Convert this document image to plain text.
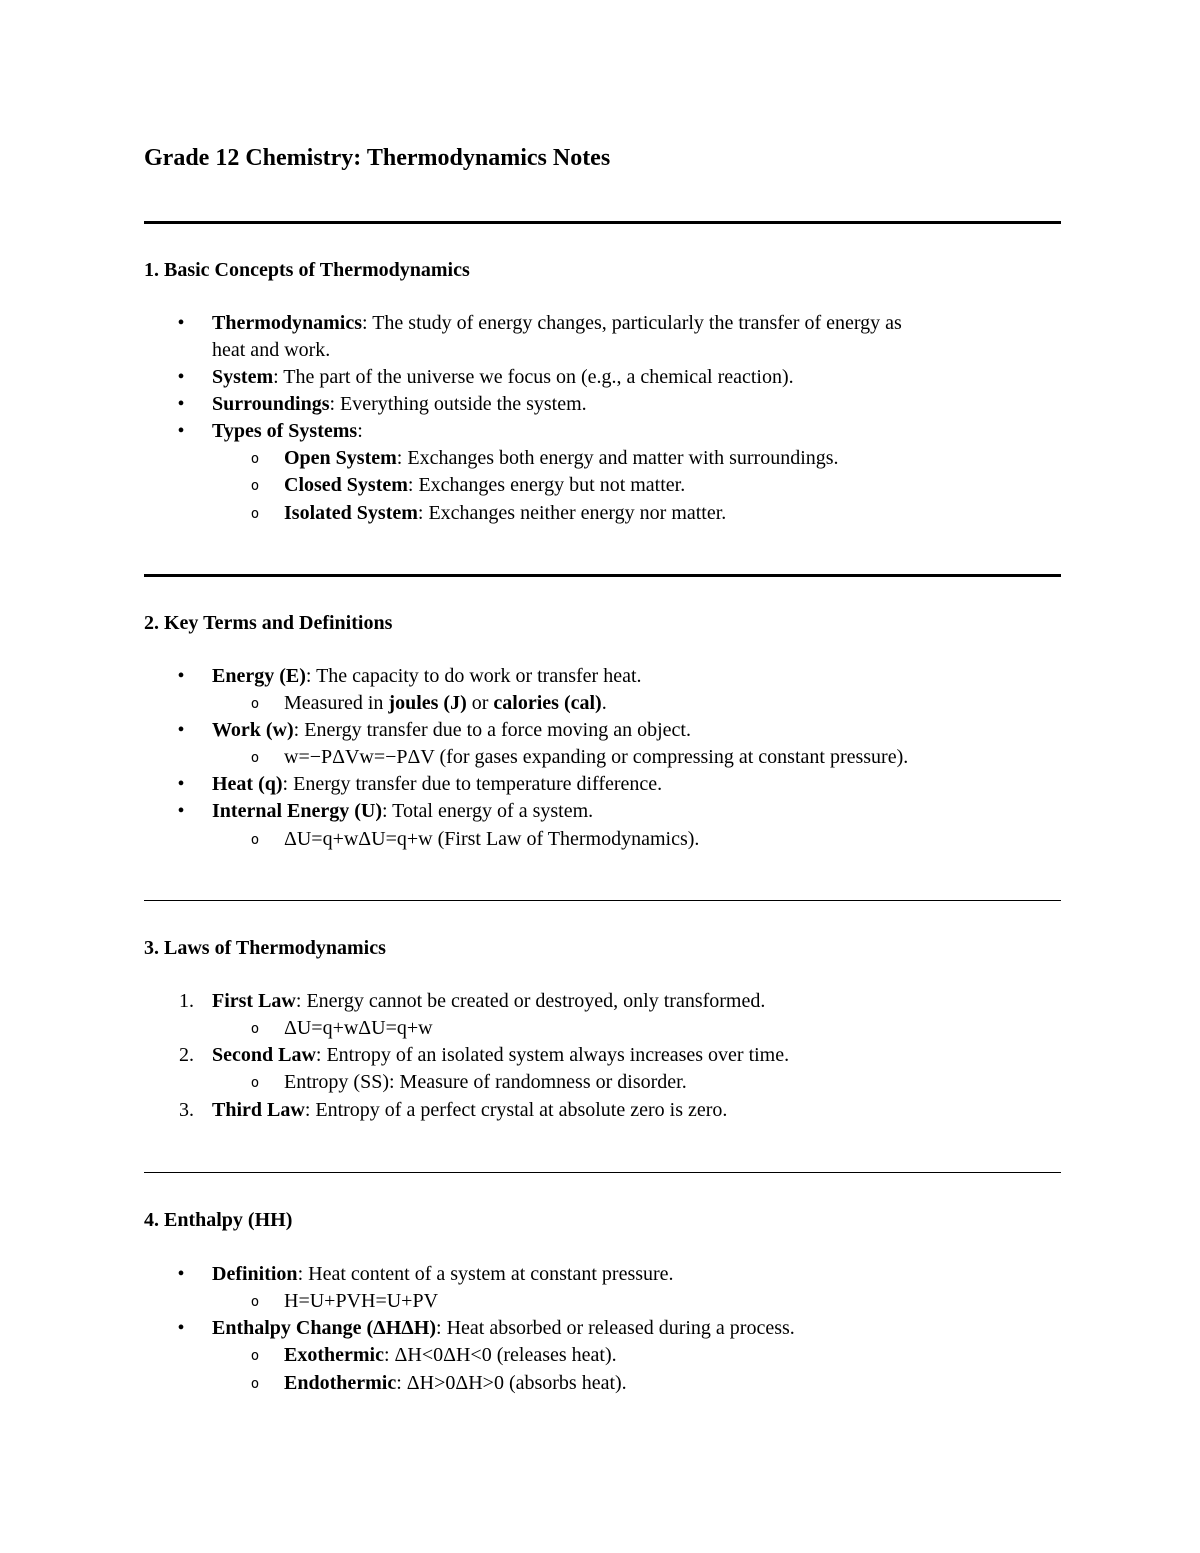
Grade 12 Chemistry: Thermodynamics Notes
1. Basic Concepts of Thermodynamics
• Thermodynamics: The study of energy changes, particularly the transfer of energy as
heat and work.
• System: The part of the universe we focus on (e.g., a chemical reaction).
• Surroundings: Everything outside the system.
• Types of Systems:
o Open System: Exchanges both energy and matter with surroundings.
o Closed System: Exchanges energy but not matter.
o Isolated System: Exchanges neither energy nor matter.
2. Key Terms and Definitions
• Energy (E): The capacity to do work or transfer heat.
o Measured in joules (J) or calories (cal).
• Work (w): Energy transfer due to a force moving an object.
o w=−PΔVw=−PΔV (for gases expanding or compressing at constant pressure).
• Heat (q): Energy transfer due to temperature difference.
• Internal Energy (U): Total energy of a system.
o ΔU=q+wΔU=q+w (First Law of Thermodynamics).
3. Laws of Thermodynamics
1. First Law: Energy cannot be created or destroyed, only transformed.
o ΔU=q+wΔU=q+w
2. Second Law: Entropy of an isolated system always increases over time.
o Entropy (SS): Measure of randomness or disorder.
3. Third Law: Entropy of a perfect crystal at absolute zero is zero.
4. Enthalpy (HH)
• Definition: Heat content of a system at constant pressure.
o H=U+PVH=U+PV
• Enthalpy Change (ΔHΔH): Heat absorbed or released during a process.
o Exothermic: ΔH<0ΔH<0 (releases heat).
o Endothermic: ΔH>0ΔH>0 (absorbs heat).
